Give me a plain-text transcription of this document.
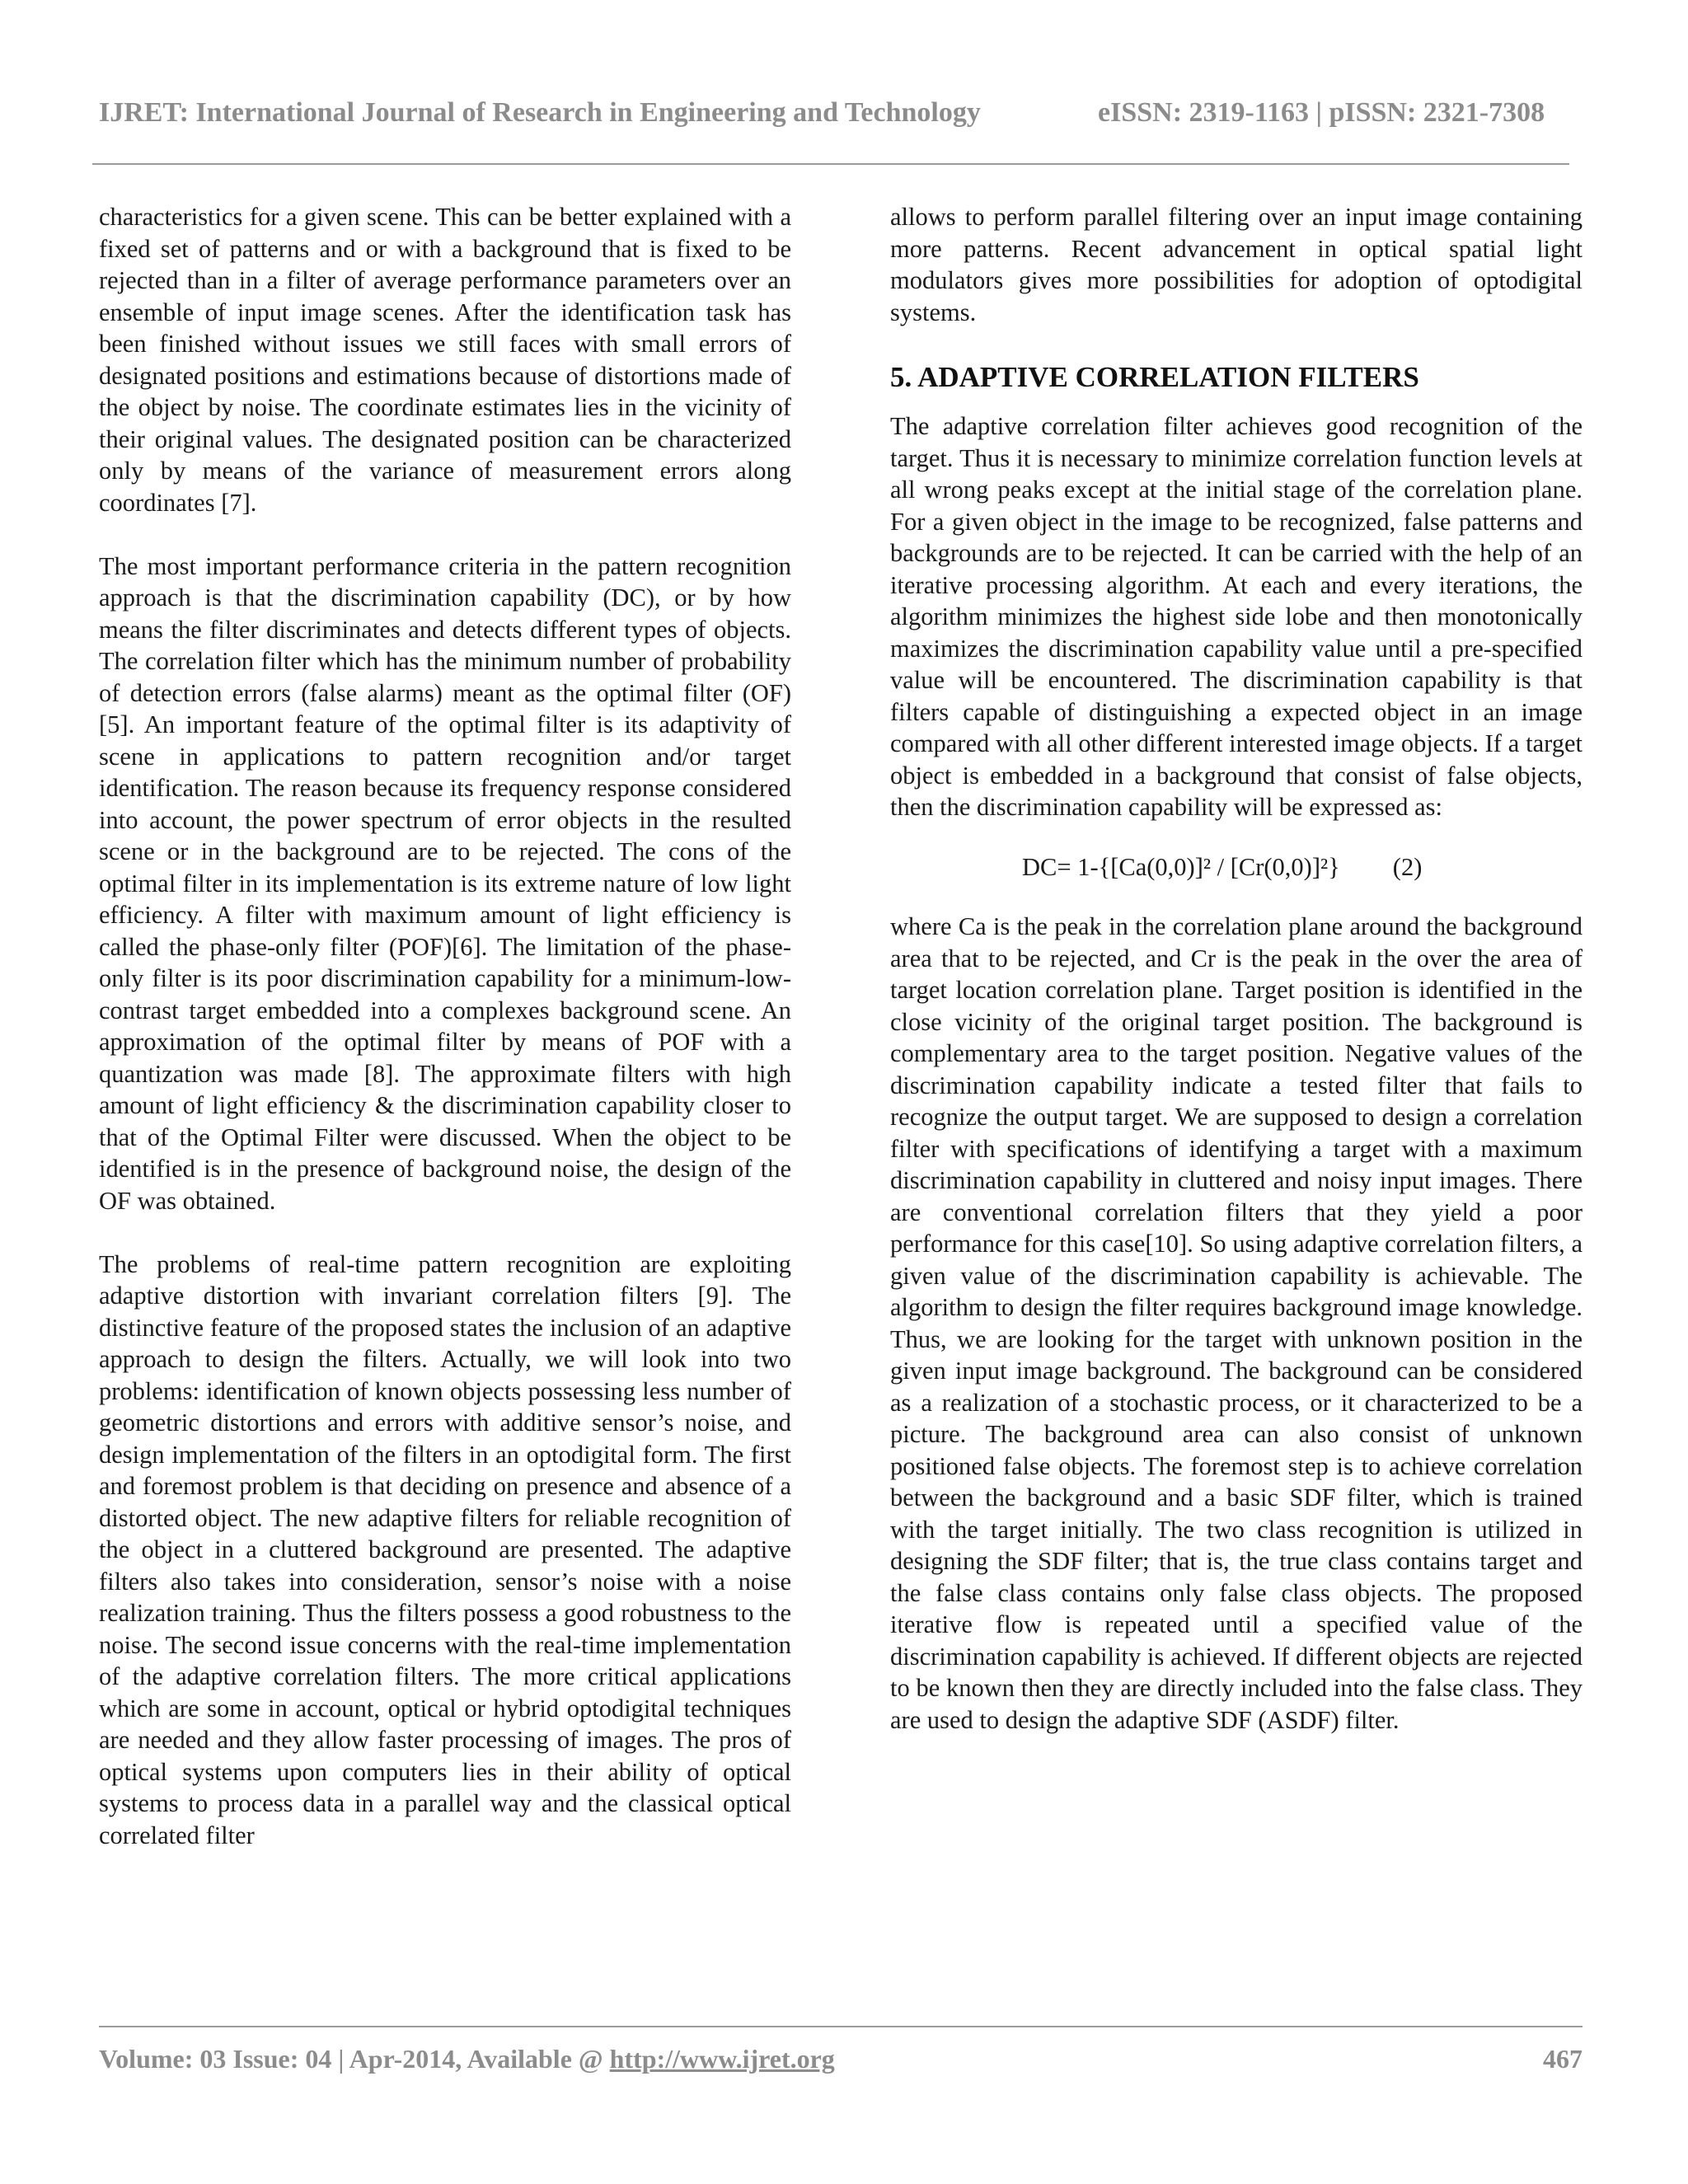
IJRET: International Journal of Research in Engineering and Technology	eISSN: 2319-1163 | pISSN: 2321-7308

characteristics for a given scene. This can be better explained with a fixed set of patterns and or with a background that is fixed to be rejected than in a filter of average performance parameters over an ensemble of input image scenes. After the identification task has been finished without issues we still faces with small errors of designated positions and estimations because of distortions made of the object by noise. The coordinate estimates lies in the vicinity of their original values. The designated position can be characterized only by means of the variance of measurement errors along coordinates [7].

The most important performance criteria in the pattern recognition approach is that the discrimination capability (DC), or by how means the filter discriminates and detects different types of objects. The correlation filter which has the minimum number of probability of detection errors (false alarms) meant as the optimal filter (OF) [5]. An important feature of the optimal filter is its adaptivity of scene in applications to pattern recognition and/or target identification. The reason because its frequency response considered into account, the power spectrum of error objects in the resulted scene or in the background are to be rejected. The cons of the optimal filter in its implementation is its extreme nature of low light efficiency. A filter with maximum amount of light efficiency is called the phase-only filter (POF)[6]. The limitation of the phase-only filter is its poor discrimination capability for a minimum-low-contrast target embedded into a complexes background scene. An approximation of the optimal filter by means of POF with a quantization was made [8]. The approximate filters with high amount of light efficiency & the discrimination capability closer to that of the Optimal Filter were discussed. When the object to be identified is in the presence of background noise, the design of the OF was obtained.

The problems of real-time pattern recognition are exploiting adaptive distortion with invariant correlation filters [9]. The distinctive feature of the proposed states the inclusion of an adaptive approach to design the filters. Actually, we will look into two problems: identification of known objects possessing less number of geometric distortions and errors with additive sensor’s noise, and design implementation of the filters in an optodigital form. The first and foremost problem is that deciding on presence and absence of a distorted object. The new adaptive filters for reliable recognition of the object in a cluttered background are presented. The adaptive filters also takes into consideration, sensor’s noise with a noise realization training. Thus the filters possess a good robustness to the noise. The second issue concerns with the real-time implementation of the adaptive correlation filters. The more critical applications which are some in account, optical or hybrid optodigital techniques are needed and they allow faster processing of images. The pros of optical systems upon computers lies in their ability of optical systems to process data in a parallel way and the classical optical correlated filter

allows to perform parallel filtering over an input image containing more patterns. Recent advancement in optical spatial light modulators gives more possibilities for adoption of optodigital systems.

5. ADAPTIVE CORRELATION FILTERS

The adaptive correlation filter achieves good recognition of the target. Thus it is necessary to minimize correlation function levels at all wrong peaks except at the initial stage of the correlation plane. For a given object in the image to be recognized, false patterns and backgrounds are to be rejected. It can be carried with the help of an iterative processing algorithm. At each and every iterations, the algorithm minimizes the highest side lobe and then monotonically maximizes the discrimination capability value until a pre-specified value will be encountered. The discrimination capability is that filters capable of distinguishing a expected object in an image compared with all other different interested image objects. If a target object is embedded in a background that consist of false objects, then the discrimination capability will be expressed as:

DC= 1-{[Ca(0,0)]² / [Cr(0,0)]²} (2)

where Ca is the peak in the correlation plane around the background area that to be rejected, and Cr is the peak in the over the area of target location correlation plane. Target position is identified in the close vicinity of the original target position. The background is complementary area to the target position. Negative values of the discrimination capability indicate a tested filter that fails to recognize the output target. We are supposed to design a correlation filter with specifications of identifying a target with a maximum discrimination capability in cluttered and noisy input images. There are conventional correlation filters that they yield a poor performance for this case[10]. So using adaptive correlation filters, a given value of the discrimination capability is achievable. The algorithm to design the filter requires background image knowledge. Thus, we are looking for the target with unknown position in the given input image background. The background can be considered as a realization of a stochastic process, or it characterized to be a picture. The background area can also consist of unknown positioned false objects. The foremost step is to achieve correlation between the background and a basic SDF filter, which is trained with the target initially. The two class recognition is utilized in designing the SDF filter; that is, the true class contains target and the false class contains only false class objects. The proposed iterative flow is repeated until a specified value of the discrimination capability is achieved. If different objects are rejected to be known then they are directly included into the false class. They are used to design the adaptive SDF (ASDF) filter.

Volume: 03 Issue: 04 | Apr-2014, Available @ http://www.ijret.org	467
